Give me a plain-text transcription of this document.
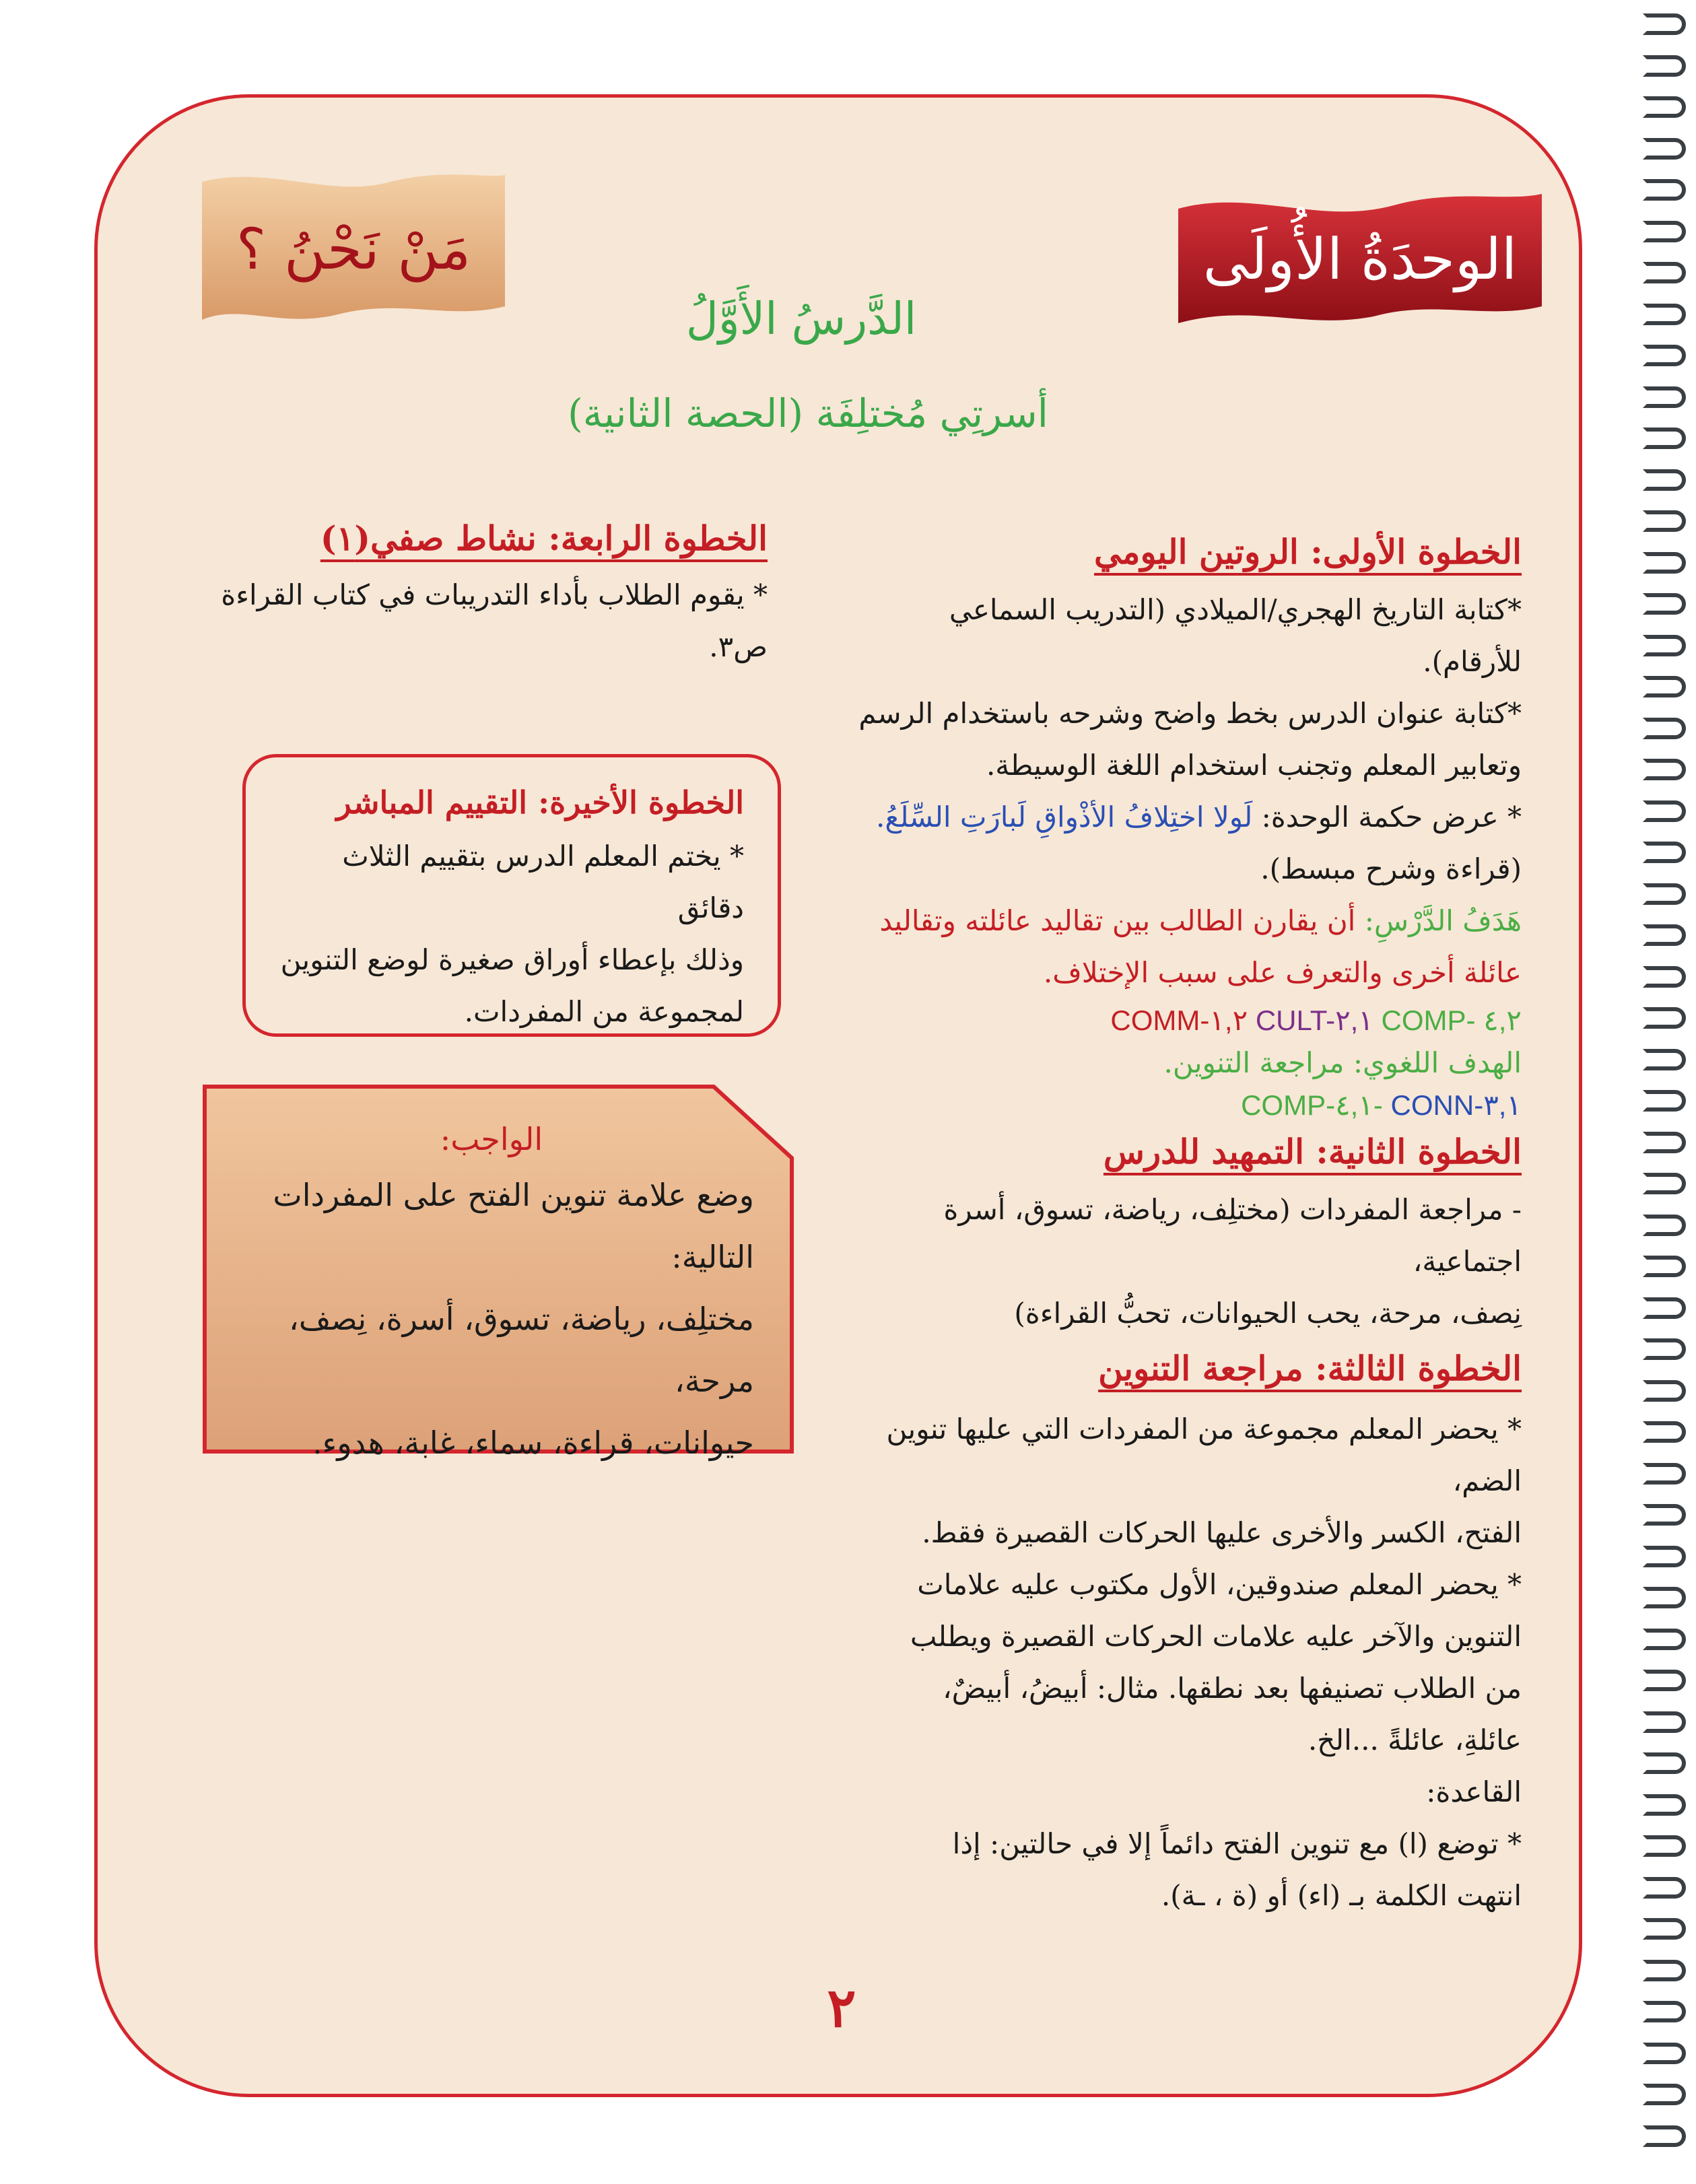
الوحدَةُ الأُولَى
مَنْ نَحْنُ ؟
الدَّرسُ الأَوَّلُ
أسرتِي مُختلِفَة (الحصة الثانية)
الخطوة الأولى: الروتين اليومي
*كتابة التاريخ الهجري/الميلادي (التدريب السماعي
للأرقام).
*كتابة عنوان الدرس بخط واضح وشرحه باستخدام الرسم
وتعابير المعلم وتجنب استخدام اللغة الوسيطة.
* عرض حكمة الوحدة: لَولا اختِلافُ الأذْواقِ لَبارَتِ السِّلَعُ.
(قراءة وشرح مبسط).
هَدَفُ الدَّرْسِ: أن يقارن الطالب بين تقاليد عائلته وتقاليد
عائلة أخرى والتعرف على سبب الإختلاف.
COMM-١,٢ CULT-٢,١ COMP- ٤,٢
الهدف اللغوي: مراجعة التنوين.
COMP-٤,١- CONN-٣,١
الخطوة الثانية: التمهيد للدرس
- مراجعة المفردات (مختلِف، رياضة، تسوق، أسرة اجتماعية،
نِصف، مرحة، يحب الحيوانات، تحبُّ القراءة)
الخطوة الثالثة: مراجعة التنوين
* يحضر المعلم مجموعة من المفردات التي عليها تنوين الضم،
الفتح، الكسر والأخرى عليها الحركات القصيرة فقط.
* يحضر المعلم صندوقين، الأول مكتوب عليه علامات
التنوين والآخر عليه علامات الحركات القصيرة ويطلب
من الطلاب تصنيفها بعد نطقها. مثال: أبيضُ، أبيضٌ،
عائلةِ، عائلةً ...الخ.
القاعدة:
* توضع (ا) مع تنوين الفتح دائماً إلا في حالتين: إذا
انتهت الكلمة بـ (اء) أو (ة ، ـة).
الخطوة الرابعة: نشاط صفي(١)
* يقوم الطلاب بأداء التدريبات في كتاب القراءة ص٣.
الخطوة الأخيرة: التقييم المباشر
* يختم المعلم الدرس بتقييم الثلاث دقائق
وذلك بإعطاء أوراق صغيرة لوضع التنوين
لمجموعة من المفردات.
الواجب:
وضع علامة تنوين الفتح على المفردات التالية:
مختلِف، رياضة، تسوق، أسرة، نِصف، مرحة،
حيوانات، قراءة، سماء، غابة، هدوء.
٢
